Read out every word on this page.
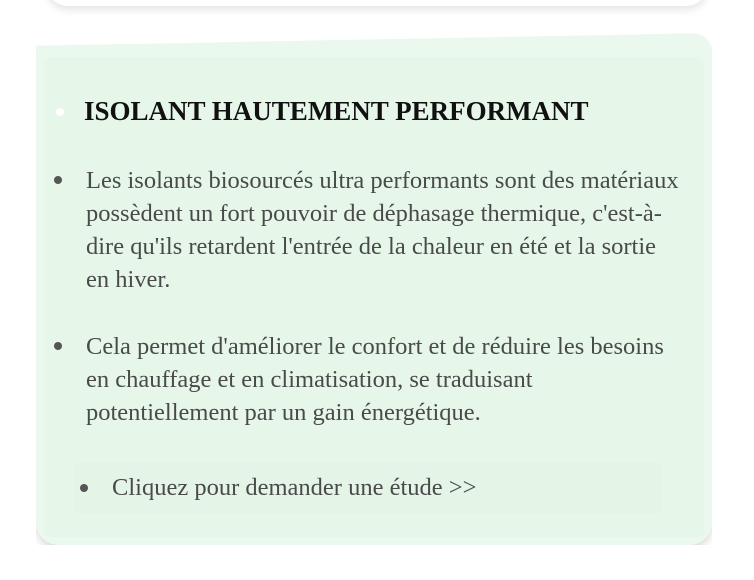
ISOLANT HAUTEMENT PERFORMANT

Les isolants biosourcés ultra performants sont des matériaux possèdent un fort pouvoir de déphasage thermique, c'est-à-dire qu'ils retardent l'entrée de la chaleur en été et la sortie en hiver.

Cela permet d'améliorer le confort et de réduire les besoins en chauffage et en climatisation, se traduisant potentiellement par un gain énergétique.

Cliquez pour demander une étude >>
